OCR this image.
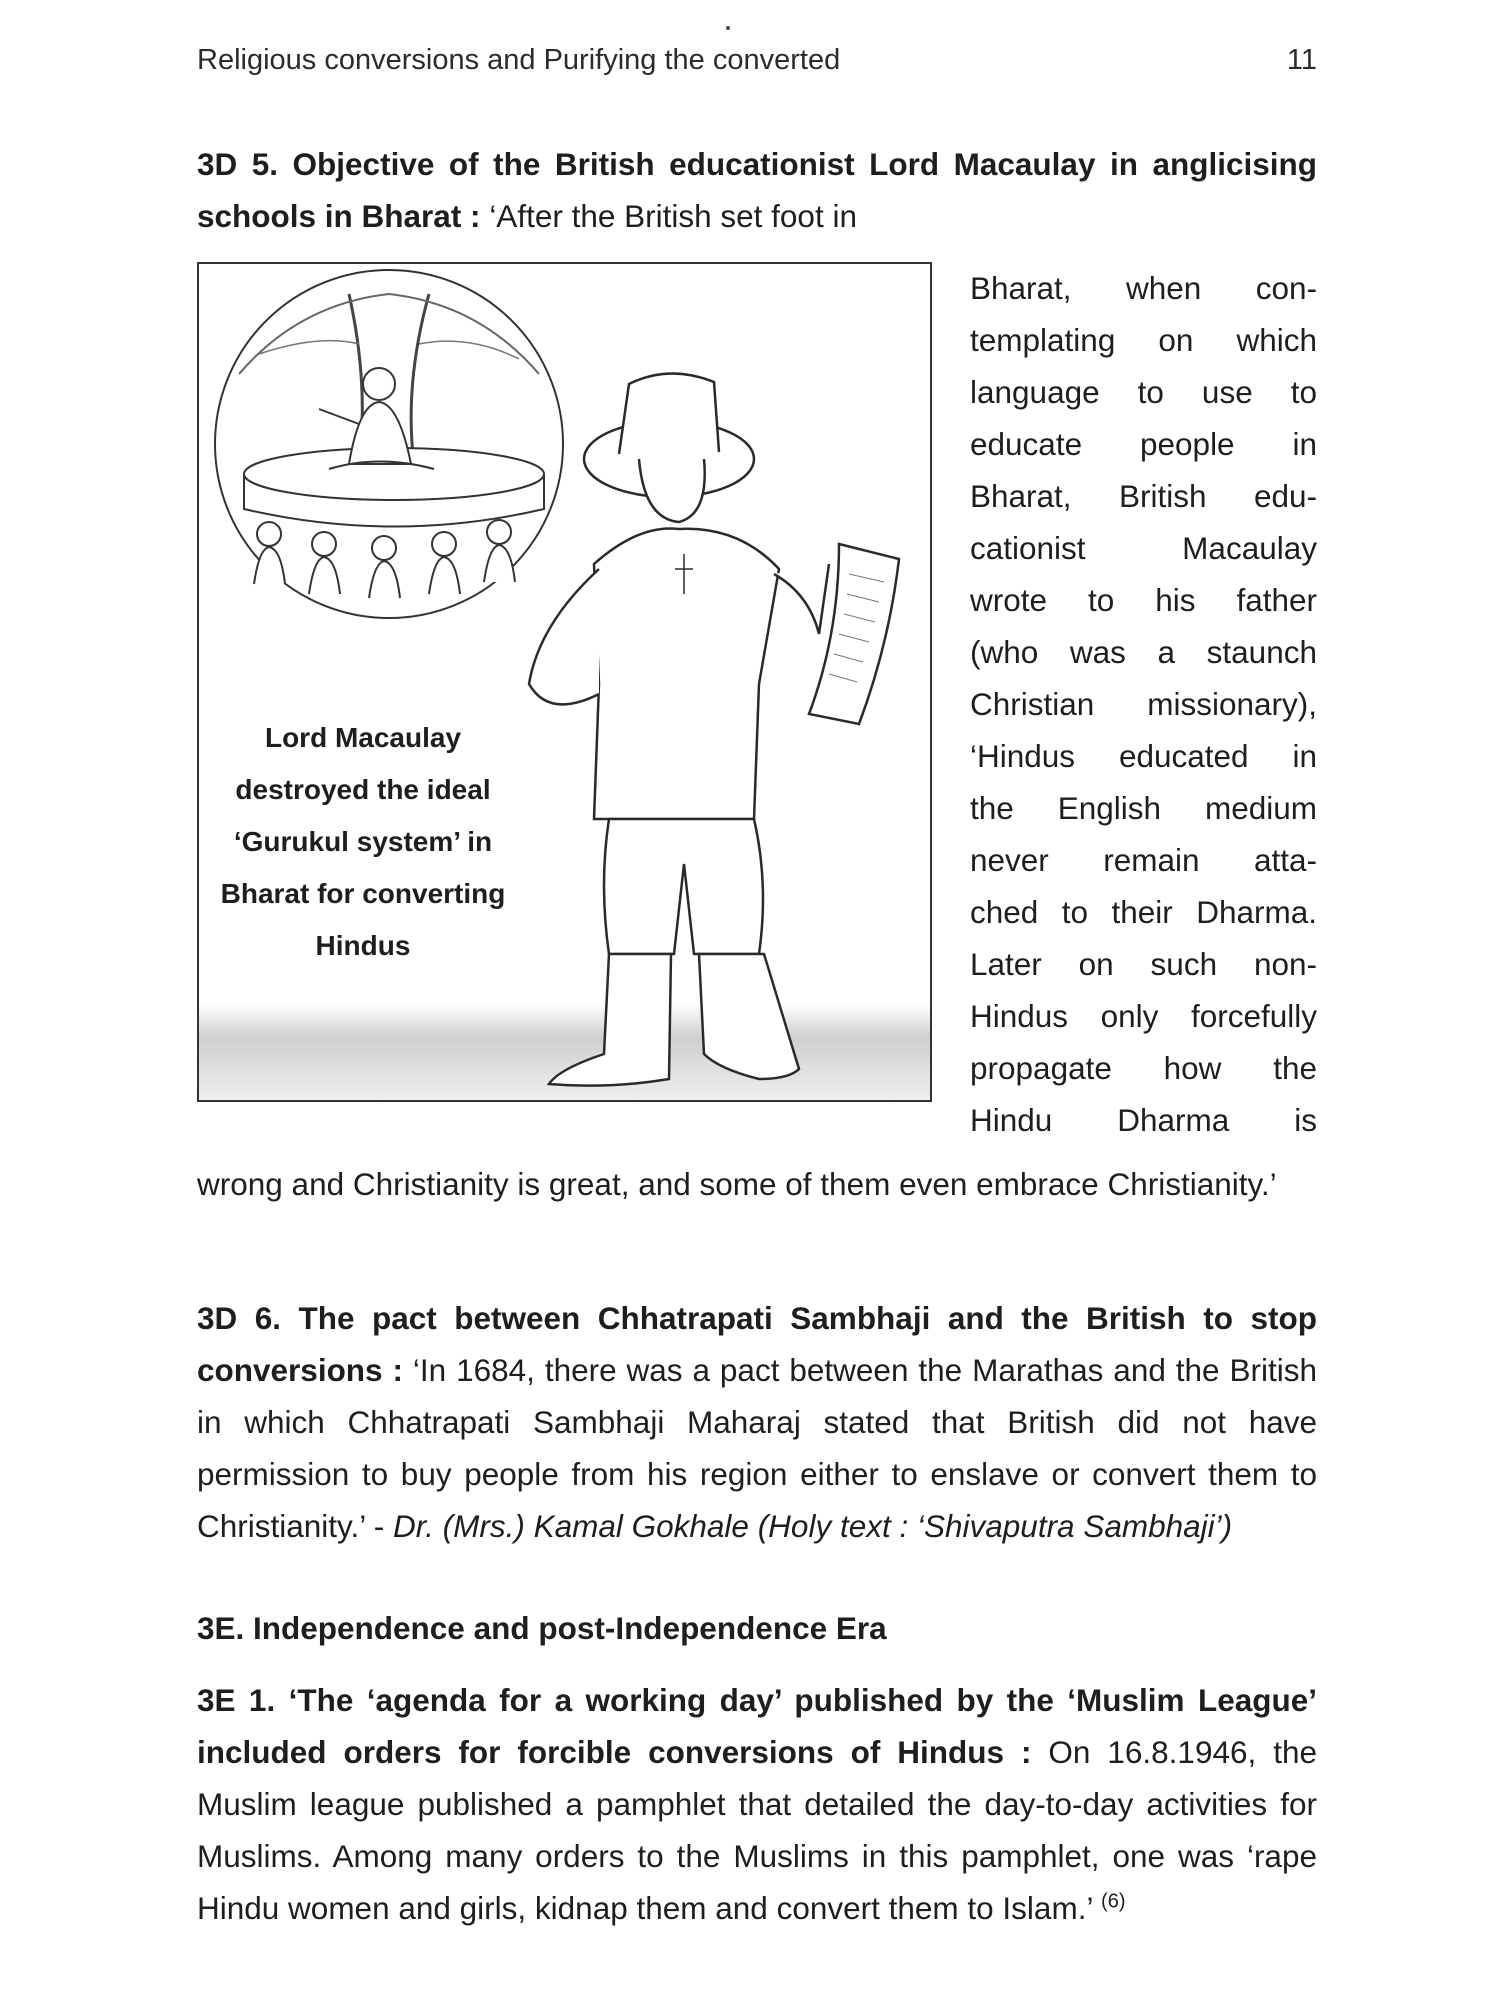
Religious conversions and Purifying the converted	11

3D 5. Objective of the British educationist Lord Macaulay in anglicising schools in Bharat : ‘After the British set foot in

Lord Macaulay destroyed the ideal ‘Gurukul system’ in Bharat for converting Hindus
Bharat, when con-
templating on which
language to use to
educate people in
Bharat, British edu-
cationist Macaulay
wrote to his father
(who was a staunch
Christian missionary),
‘Hindus educated in
the English medium
never remain atta-
ched to their Dharma.
Later on such non-
Hindus only forcefully
propagate how the
Hindu Dharma is

wrong and Christianity is great, and some of them even embrace Christianity.’

3D 6. The pact between Chhatrapati Sambhaji and the British to stop conversions : ‘In 1684, there was a pact between the Marathas and the British in which Chhatrapati Sambhaji Maharaj stated that British did not have permission to buy people from his region either to enslave or convert them to Christianity.’ - Dr. (Mrs.) Kamal Gokhale (Holy text : ‘Shivaputra Sambhaji’)

3E. Independence and post-Independence Era

3E 1. ‘The ‘agenda for a working day’ published by the ‘Muslim League’ included orders for forcible conversions of Hindus : On 16.8.1946, the Muslim league published a pamphlet that detailed the day-to-day activities for Muslims. Among many orders to the Muslims in this pamphlet, one was ‘rape Hindu women and girls, kidnap them and convert them to Islam.’ $^{(6)}$
